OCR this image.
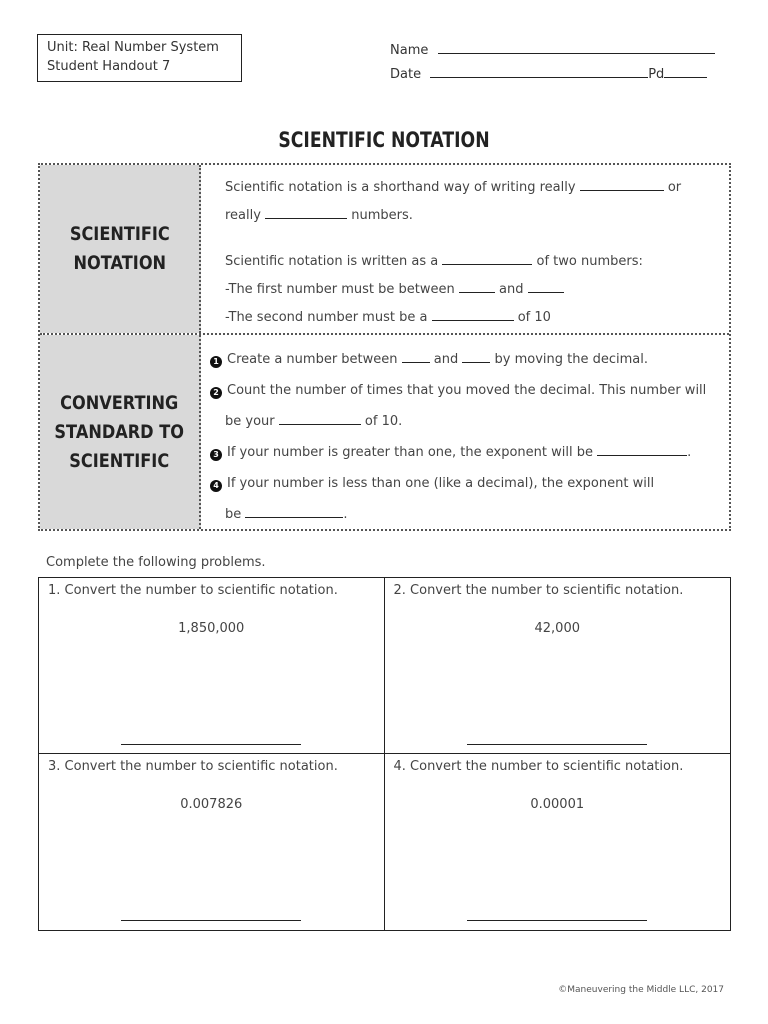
Unit: Real Number System
Student Handout 7
Name
Date	Pd
SCIENTIFIC NOTATION
SCIENTIFIC
NOTATION
Scientific notation is a shorthand way of writing really	or
really	numbers.
Scientific notation is written as a	of two numbers:
-The first number must be between	and
-The second number must be a	of 10
CONVERTING
STANDARD TO
SCIENTIFIC
1 Create a number between	and	by moving the decimal.
2 Count the number of times that you moved the decimal. This number will
be your	of 10.
3 If your number is greater than one, the exponent will be	.
4 If your number is less than one (like a decimal), the exponent will
be	.
Complete the following problems.
1. Convert the number to scientific notation.
1,850,000
2. Convert the number to scientific notation.
42,000
3. Convert the number to scientific notation.
0.007826
4. Convert the number to scientific notation.
0.00001
©Maneuvering the Middle LLC, 2017
